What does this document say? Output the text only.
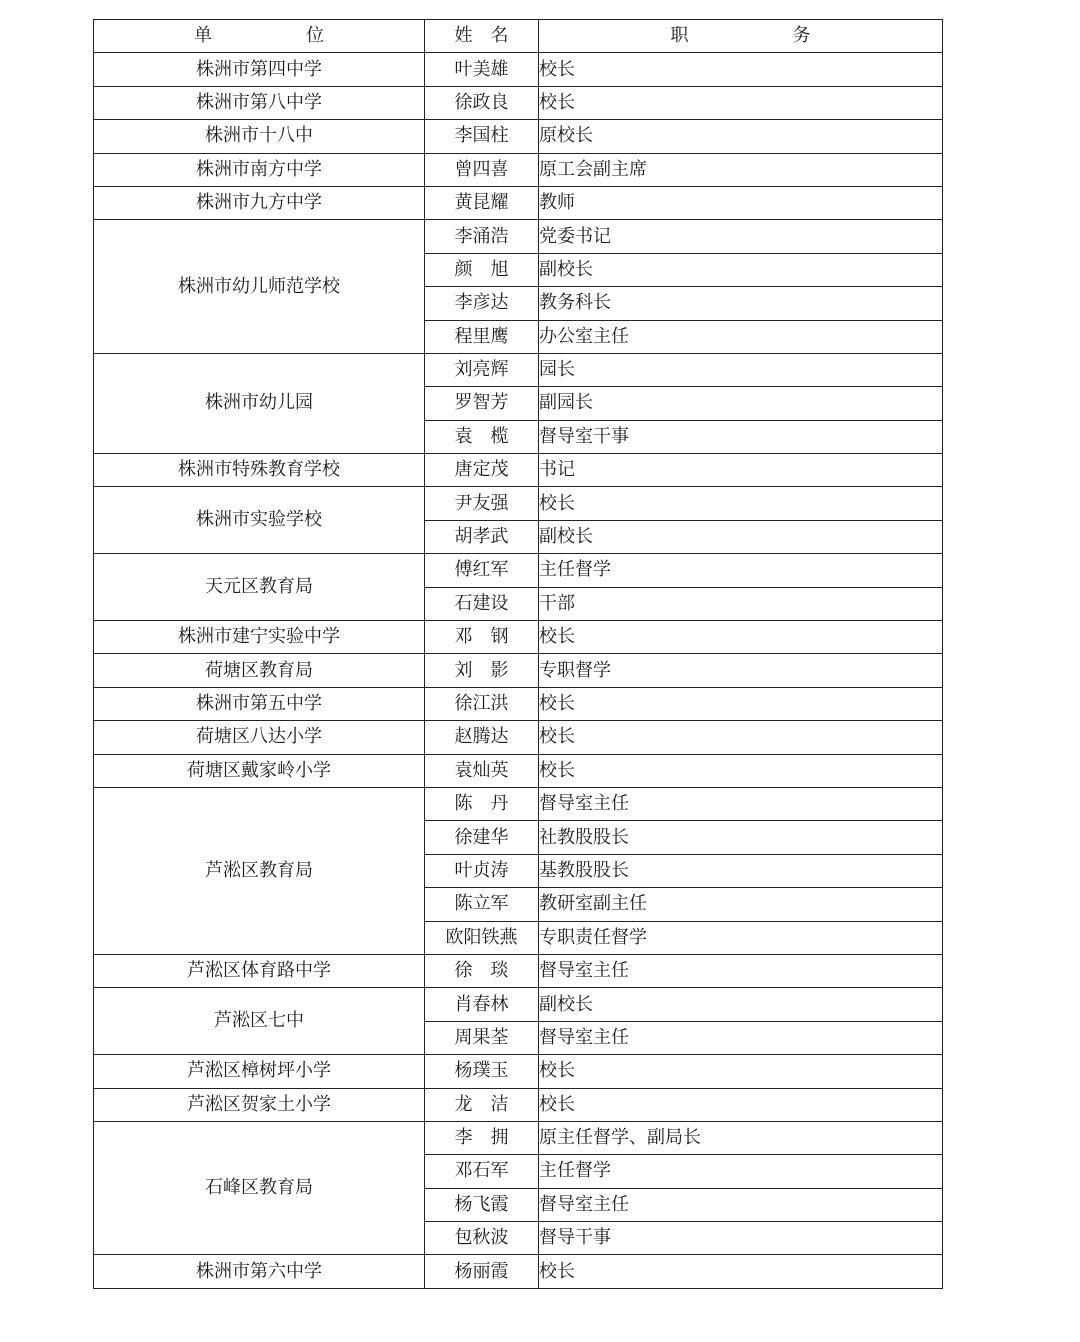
单位	姓名	职务
株洲市第四中学	叶美雄	校长
株洲市第八中学	徐政良	校长
株洲市十八中	李国柱	原校长
株洲市南方中学	曾四喜	原工会副主席
株洲市九方中学	黄昆耀	教师
株洲市幼儿师范学校	李涌浩	党委书记
	颜　旭	副校长
	李彦达	教务科长
	程里鹰	办公室主任
株洲市幼儿园	刘亮辉	园长
	罗智芳	副园长
	袁　榄	督导室干事
株洲市特殊教育学校	唐定茂	书记
株洲市实验学校	尹友强	校长
	胡孝武	副校长
天元区教育局	傅红军	主任督学
	石建设	干部
株洲市建宁实验中学	邓　钢	校长
荷塘区教育局	刘　影	专职督学
株洲市第五中学	徐江洪	校长
荷塘区八达小学	赵腾达	校长
荷塘区戴家岭小学	袁灿英	校长
芦淞区教育局	陈　丹	督导室主任
	徐建华	社教股股长
	叶贞涛	基教股股长
	陈立军	教研室副主任
	欧阳铁燕	专职责任督学
芦淞区体育路中学	徐　琰	督导室主任
芦淞区七中	肖春林	副校长
	周果荃	督导室主任
芦淞区樟树坪小学	杨璞玉	校长
芦淞区贺家土小学	龙　洁	校长
石峰区教育局	李　拥	原主任督学、副局长
	邓石军	主任督学
	杨飞霞	督导室主任
	包秋波	督导干事
株洲市第六中学	杨丽霞	校长
